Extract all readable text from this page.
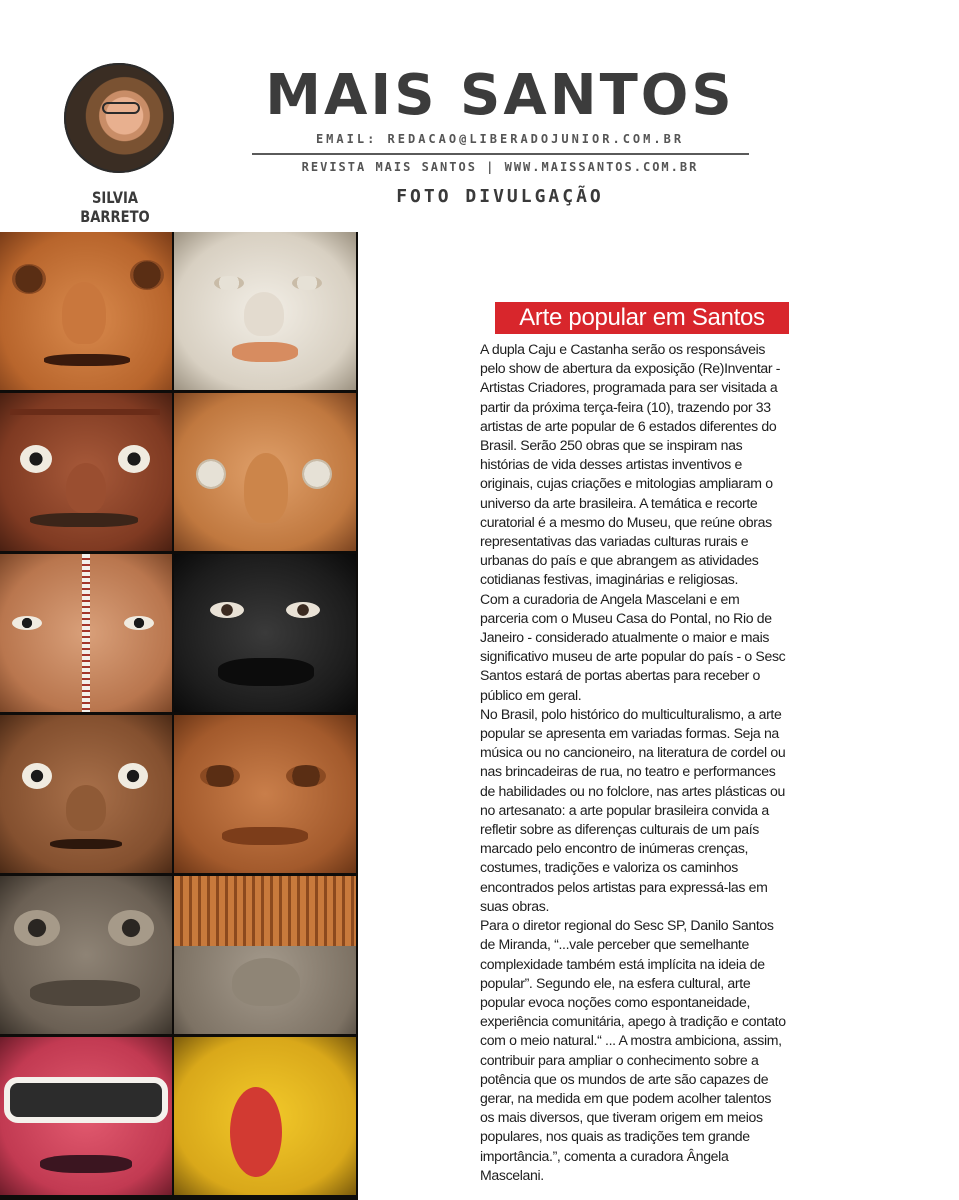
SILVIA BARRETO
MAIS SANTOS
EMAIL: REDACAO@LIBERADOJUNIOR.COM.BR
REVISTA MAIS SANTOS | WWW.MAISSANTOS.COM.BR
FOTO DIVULGAÇÃO
Arte popular em Santos

A dupla Caju e Castanha serão os responsáveis pelo show de abertura da exposição (Re)Inventar - Artistas Criadores, programada para ser visitada a partir da próxima terça-feira (10), trazendo por 33 artistas de arte popular de 6 estados diferentes do Brasil. Serão 250 obras que se inspiram nas histórias de vida desses artistas inventivos e originais, cujas criações e mitologias ampliaram o universo da arte brasileira. A temática e recorte curatorial é a mesmo do Museu, que reúne obras representativas das variadas culturas rurais e urbanas do país e que abrangem as atividades cotidianas festivas, imaginárias e religiosas.

Com a curadoria de Angela Mascelani e em parceria com o Museu Casa do Pontal, no Rio de Janeiro - considerado atualmente o maior e mais significativo museu de arte popular do país - o Sesc Santos estará de portas abertas para receber o público em geral.

No Brasil, polo histórico do multiculturalismo, a arte popular se apresenta em variadas formas. Seja na música ou no cancioneiro, na literatura de cordel ou nas brincadeiras de rua, no teatro e performances de habilidades ou no folclore, nas artes plásticas ou no artesanato: a arte popular brasileira convida a refletir sobre as diferenças culturais de um país marcado pelo encontro de inúmeras crenças, costumes, tradições e valoriza os caminhos encontrados pelos artistas para expressá-las em suas obras.

Para o diretor regional do Sesc SP, Danilo Santos de Miranda, “...vale perceber que semelhante complexidade também está implícita na ideia de popular”. Segundo ele, na esfera cultural, arte popular evoca noções como espontaneidade, experiência comunitária, apego à tradição e contato com o meio natural.“ ... A mostra ambiciona, assim, contribuir para ampliar o conhecimento sobre a potência que os mundos de arte são capazes de gerar, na medida em que podem acolher talentos os mais diversos, que tiveram origem em meios populares, nos quais as tradições tem grande importância.”, comenta a curadora Ângela Mascelani.
